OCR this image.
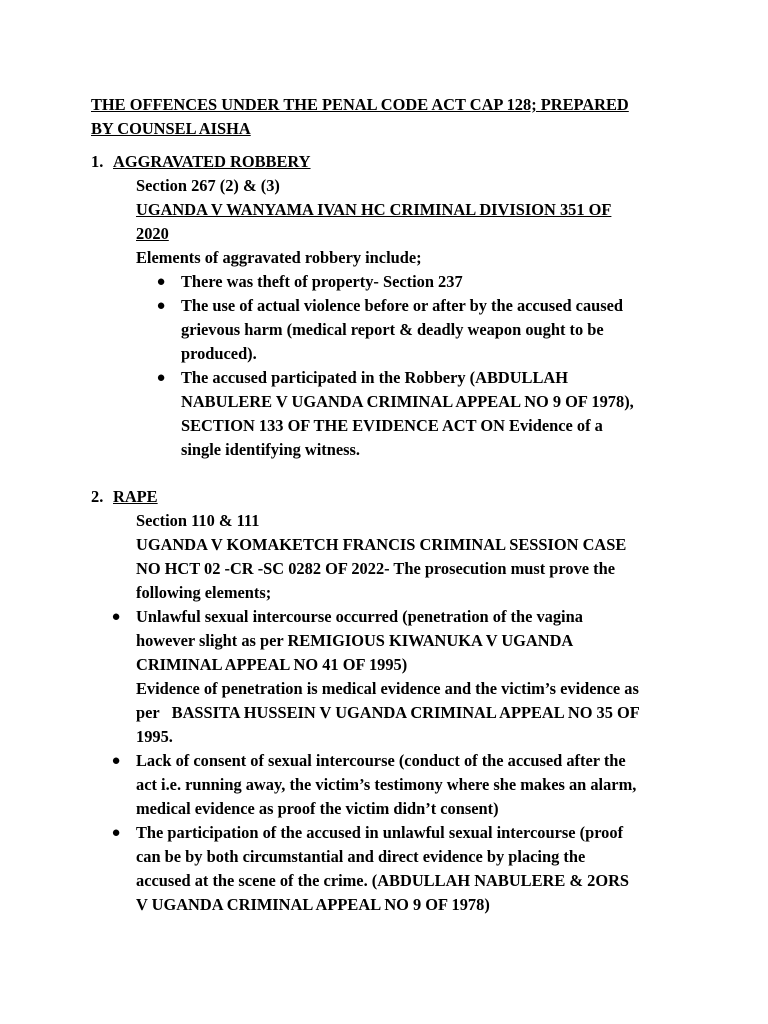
THE OFFENCES UNDER THE PENAL CODE ACT CAP 128; PREPARED
BY COUNSEL AISHA
1. AGGRAVATED ROBBERY
Section 267 (2) & (3)
UGANDA V WANYAMA IVAN HC CRIMINAL DIVISION 351 OF
2020
Elements of aggravated robbery include;
● There was theft of property- Section 237
● The use of actual violence before or after by the accused caused
grievous harm (medical report & deadly weapon ought to be
produced).
● The accused participated in the Robbery (ABDULLAH
NABULERE V UGANDA CRIMINAL APPEAL NO 9 OF 1978),
SECTION 133 OF THE EVIDENCE ACT ON Evidence of a
single identifying witness.
2. RAPE
Section 110 & 111
UGANDA V KOMAKETCH FRANCIS CRIMINAL SESSION CASE
NO HCT 02 -CR -SC 0282 OF 2022- The prosecution must prove the
following elements;
● Unlawful sexual intercourse occurred (penetration of the vagina
however slight as per REMIGIOUS KIWANUKA V UGANDA
CRIMINAL APPEAL NO 41 OF 1995)
Evidence of penetration is medical evidence and the victim’s evidence as
per   BASSITA HUSSEIN V UGANDA CRIMINAL APPEAL NO 35 OF
1995.
● Lack of consent of sexual intercourse (conduct of the accused after the
act i.e. running away, the victim’s testimony where she makes an alarm,
medical evidence as proof the victim didn’t consent)
● The participation of the accused in unlawful sexual intercourse (proof
can be by both circumstantial and direct evidence by placing the
accused at the scene of the crime. (ABDULLAH NABULERE & 2ORS
V UGANDA CRIMINAL APPEAL NO 9 OF 1978)
